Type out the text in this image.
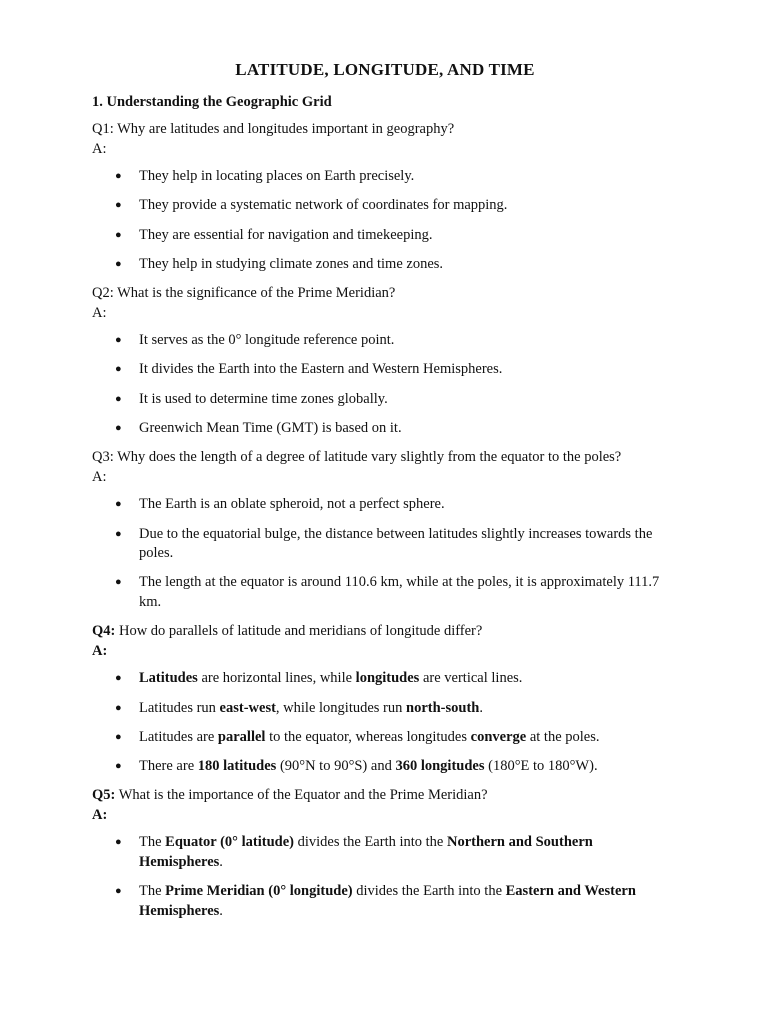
LATITUDE, LONGITUDE, AND TIME
1. Understanding the Geographic Grid
Q1: Why are latitudes and longitudes important in geography?
A:
● They help in locating places on Earth precisely.
● They provide a systematic network of coordinates for mapping.
● They are essential for navigation and timekeeping.
● They help in studying climate zones and time zones.
Q2: What is the significance of the Prime Meridian?
A:
● It serves as the 0° longitude reference point.
● It divides the Earth into the Eastern and Western Hemispheres.
● It is used to determine time zones globally.
● Greenwich Mean Time (GMT) is based on it.
Q3: Why does the length of a degree of latitude vary slightly from the equator to the poles?
A:
● The Earth is an oblate spheroid, not a perfect sphere.
● Due to the equatorial bulge, the distance between latitudes slightly increases towards the poles.
● The length at the equator is around 110.6 km, while at the poles, it is approximately 111.7 km.
Q4: How do parallels of latitude and meridians of longitude differ?
A:
● Latitudes are horizontal lines, while longitudes are vertical lines.
● Latitudes run east-west, while longitudes run north-south.
● Latitudes are parallel to the equator, whereas longitudes converge at the poles.
● There are 180 latitudes (90°N to 90°S) and 360 longitudes (180°E to 180°W).
Q5: What is the importance of the Equator and the Prime Meridian?
A:
● The Equator (0° latitude) divides the Earth into the Northern and Southern Hemispheres.
● The Prime Meridian (0° longitude) divides the Earth into the Eastern and Western Hemispheres.
